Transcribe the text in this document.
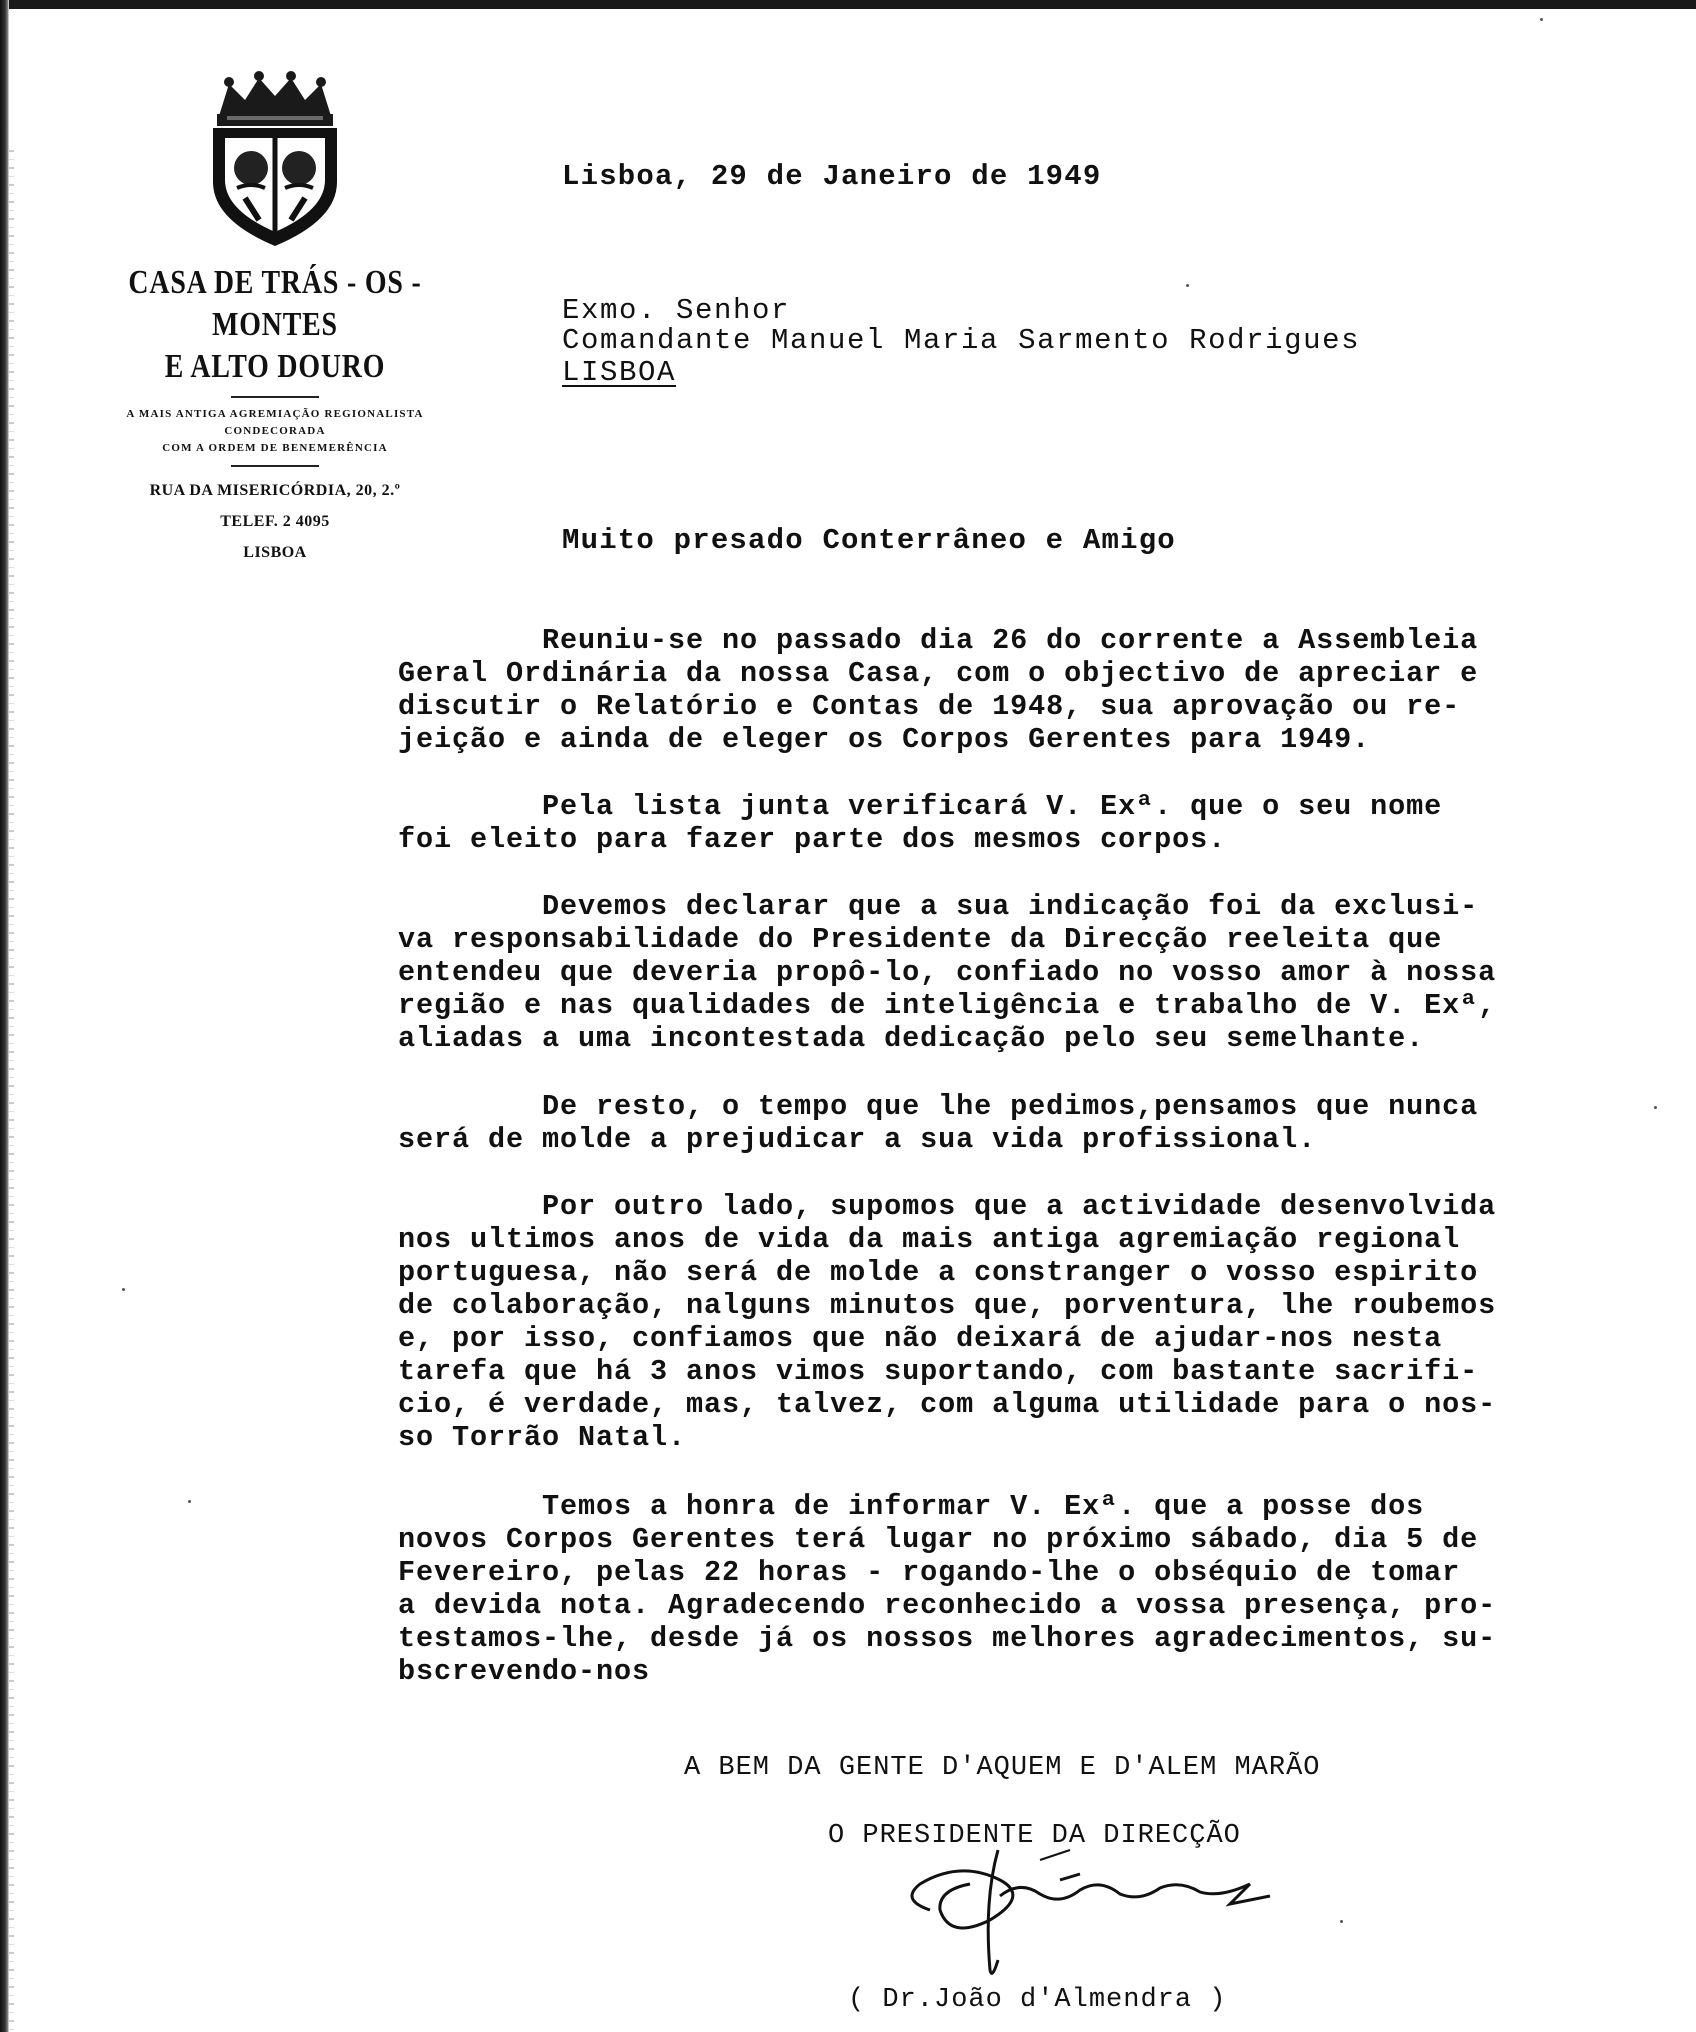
CASA DE TRÁS - OS - MONTES
E ALTO DOURO
A MAIS ANTIGA AGREMIAÇÃO REGIONALISTA
CONDECORADA
COM A ORDEM DE BENEMERÊNCIA
RUA DA MISERICÓRDIA, 20, 2.º
TELEF. 2 4095
LISBOA
Lisboa, 29 de Janeiro de 1949
Exmo. Senhor
Comandante Manuel Maria Sarmento Rodrigues
LISBOA
Muito presado Conterrâneo e Amigo

Reuniu-se no passado dia 26 do corrente a Assembleia

Geral Ordinária da nossa Casa, com o objectivo de apreciar e

discutir o Relatório e Contas de 1948, sua aprovação ou re-

jeição e ainda de eleger os Corpos Gerentes para 1949.

Pela lista junta verificará V. Exª. que o seu nome

foi eleito para fazer parte dos mesmos corpos.

Devemos declarar que a sua indicação foi da exclusi-

va responsabilidade do Presidente da Direcção reeleita que

entendeu que deveria propô-lo, confiado no vosso amor à nossa

região e nas qualidades de inteligência e trabalho de V. Exª,

aliadas a uma incontestada dedicação pelo seu semelhante.

De resto, o tempo que lhe pedimos,pensamos que nunca

será de molde a prejudicar a sua vida profissional.

Por outro lado, supomos que a actividade desenvolvida

nos ultimos anos de vida da mais antiga agremiação regional

portuguesa, não será de molde a constranger o vosso espirito

de colaboração, nalguns minutos que, porventura, lhe roubemos

e, por isso, confiamos que não deixará de ajudar-nos nesta

tarefa que há 3 anos vimos suportando, com bastante sacrifi-

cio, é verdade, mas, talvez, com alguma utilidade para o nos-

so Torrão Natal.

Temos a honra de informar V. Exª. que a posse dos

novos Corpos Gerentes terá lugar no próximo sábado, dia 5 de

Fevereiro, pelas 22 horas - rogando-lhe o obséquio de tomar

a devida nota. Agradecendo reconhecido a vossa presença, pro-

testamos-lhe, desde já os nossos melhores agradecimentos, su-

bscrevendo-nos

A BEM DA GENTE D'AQUEM E D'ALEM MARÃO
O PRESIDENTE DA DIRECÇÃO
( Dr.João d'Almendra )
